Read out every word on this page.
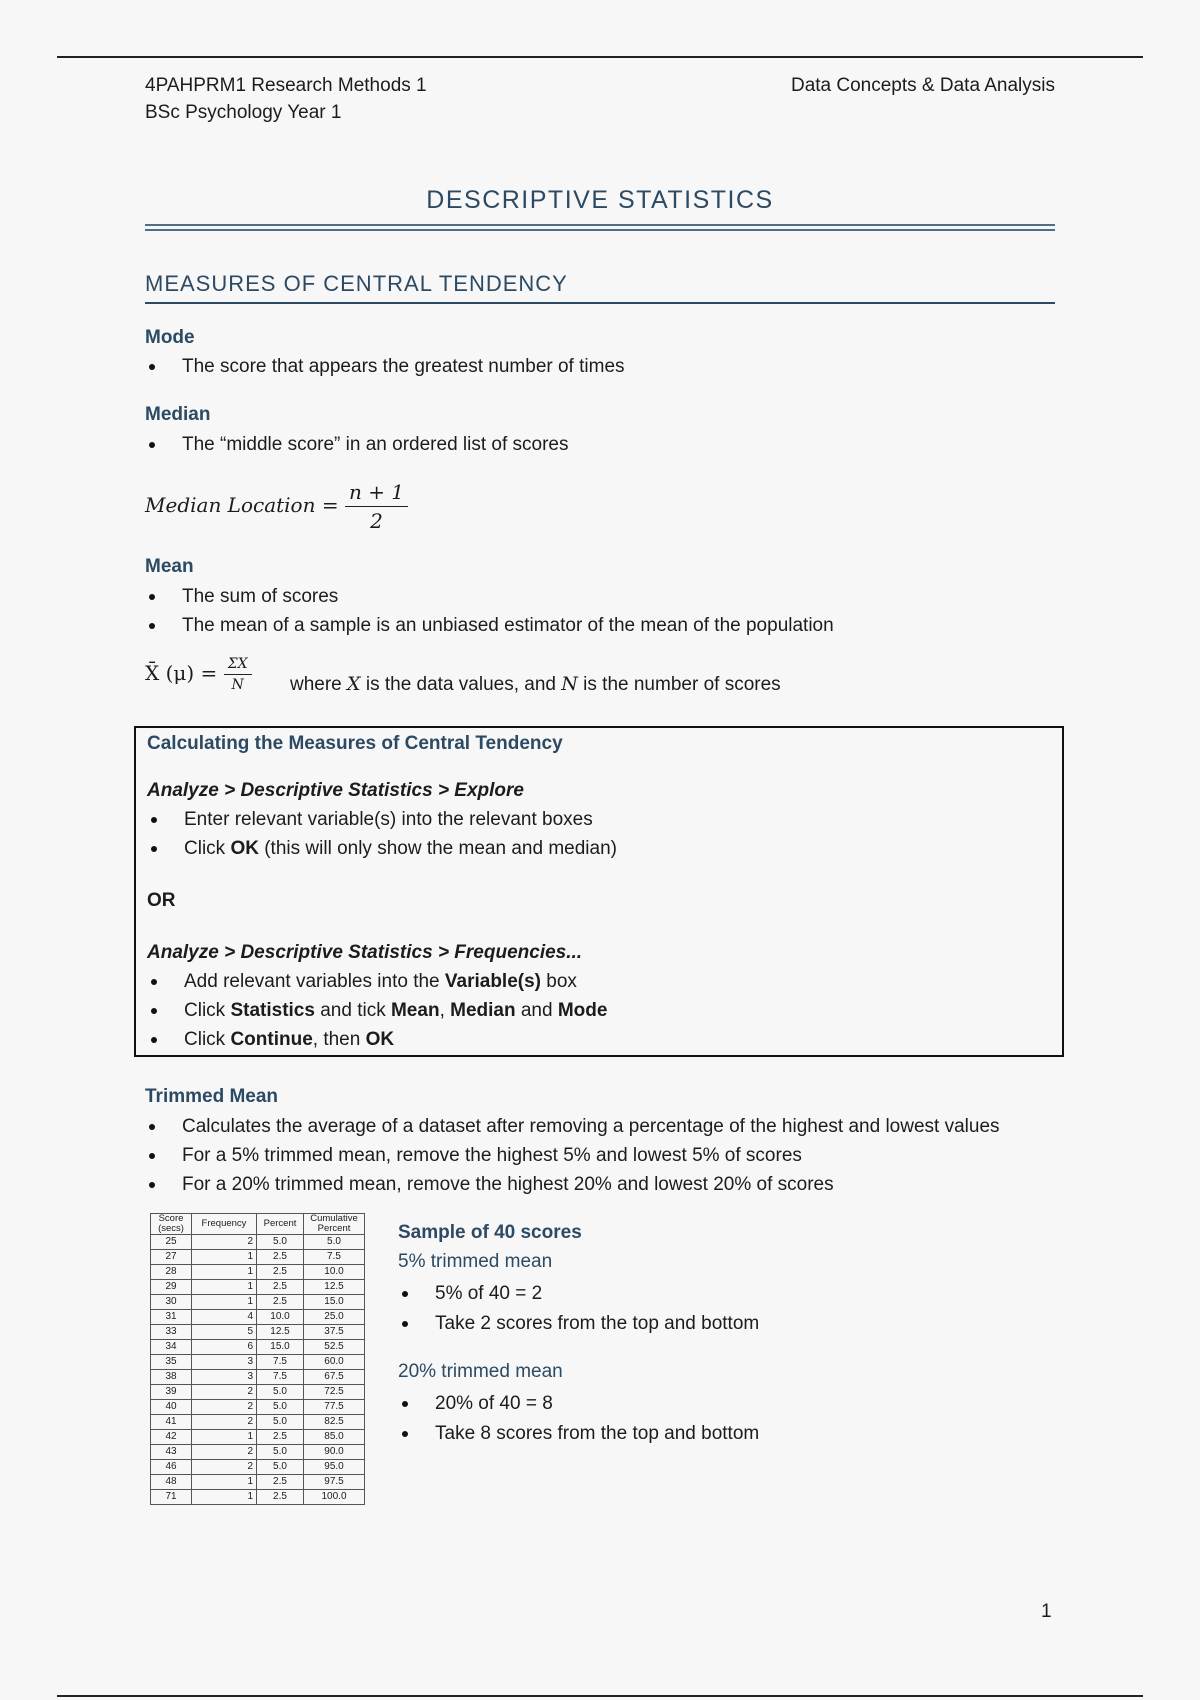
4PAHPRM1 Research Methods 1
BSc Psychology Year 1
Data Concepts & Data Analysis
DESCRIPTIVE STATISTICS
MEASURES OF CENTRAL TENDENCY
Mode
The score that appears the greatest number of times
Median
The “middle score” in an ordered list of scores
Median Location = $\frac{n + 1}{2}$
Mean
The sum of scores
The mean of a sample is an unbiased estimator of the mean of the population
X̄ $(\mu) = \frac{\Sigma X}{N}$ where X is the data values, and N is the number of scores
Calculating the Measures of Central Tendency
Analyze > Descriptive Statistics > Explore
Enter relevant variable(s) into the relevant boxes
Click OK (this will only show the mean and median)
OR
Analyze > Descriptive Statistics > Frequencies...
Add relevant variables into the Variable(s) box
Click Statistics and tick Mean, Median and Mode
Click Continue, then OK
Trimmed Mean
Calculates the average of a dataset after removing a percentage of the highest and lowest values
For a 5% trimmed mean, remove the highest 5% and lowest 5% of scores
For a 20% trimmed mean, remove the highest 20% and lowest 20% of scores
Score (secs)	Frequency	Percent	Cumulative Percent
25	2	5.0	5.0
27	1	2.5	7.5
28	1	2.5	10.0
29	1	2.5	12.5
30	1	2.5	15.0
31	4	10.0	25.0
33	5	12.5	37.5
34	6	15.0	52.5
35	3	7.5	60.0
38	3	7.5	67.5
39	2	5.0	72.5
40	2	5.0	77.5
41	2	5.0	82.5
42	1	2.5	85.0
43	2	5.0	90.0
46	2	5.0	95.0
48	1	2.5	97.5
71	1	2.5	100.0
Sample of 40 scores
5% trimmed mean
5% of 40 = 2
Take 2 scores from the top and bottom
20% trimmed mean
20% of 40 = 8
Take 8 scores from the top and bottom
1
